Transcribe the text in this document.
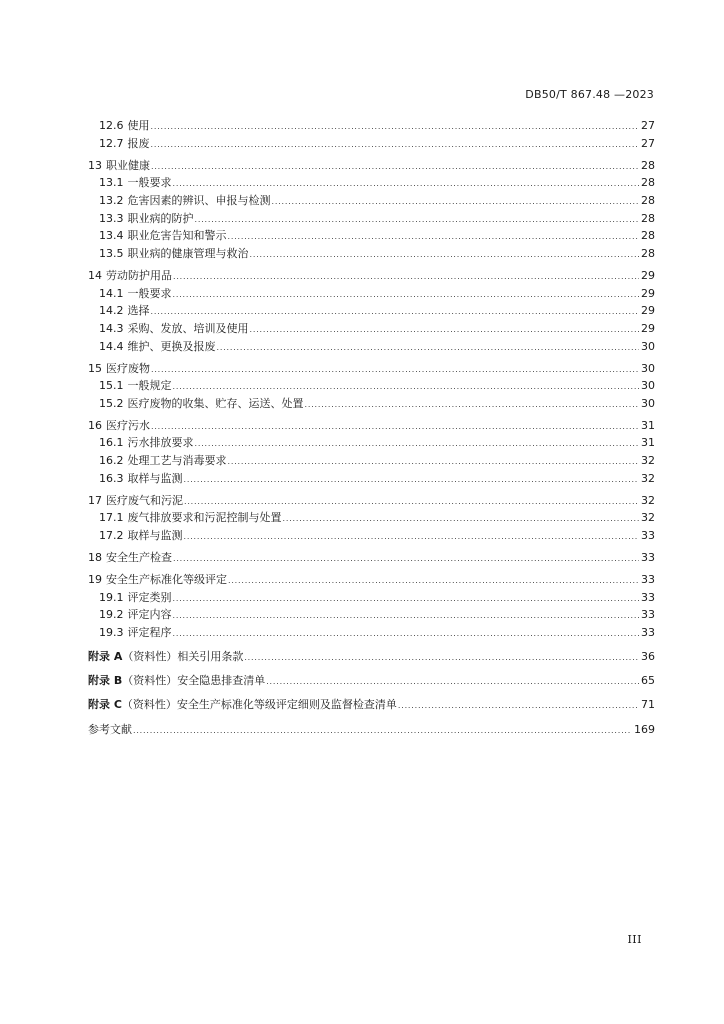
DB50/T 867.48 —2023
12.6 使用 .....	27
12.7 报废 .....	27
13 职业健康 .....	28
13.1 一般要求 .....	28
13.2 危害因素的辨识、申报与检测 .....	28
13.3 职业病的防护 .....	28
13.4 职业危害告知和警示 .....	28
13.5 职业病的健康管理与救治 .....	28
14 劳动防护用品 .....	29
14.1 一般要求 .....	29
14.2 选择 .....	29
14.3 采购、发放、培训及使用 .....	29
14.4 维护、更换及报废 .....	30
15 医疗废物 .....	30
15.1 一般规定 .....	30
15.2 医疗废物的收集、贮存、运送、处置 .....	30
16 医疗污水 .....	31
16.1 污水排放要求 .....	31
16.2 处理工艺与消毒要求 .....	32
16.3 取样与监测 .....	32
17 医疗废气和污泥 .....	32
17.1 废气排放要求和污泥控制与处置 .....	32
17.2 取样与监测 .....	33
18 安全生产检查 .....	33
19 安全生产标准化等级评定 .....	33
19.1 评定类别 .....	33
19.2 评定内容 .....	33
19.3 评定程序 .....	33
附录 A （资料性）相关引用条款 .....	36
附录 B （资料性）安全隐患排查清单 .....	65
附录 C （资料性）安全生产标准化等级评定细则及监督检查清单 .....	71
参考文献 .....	169
III
